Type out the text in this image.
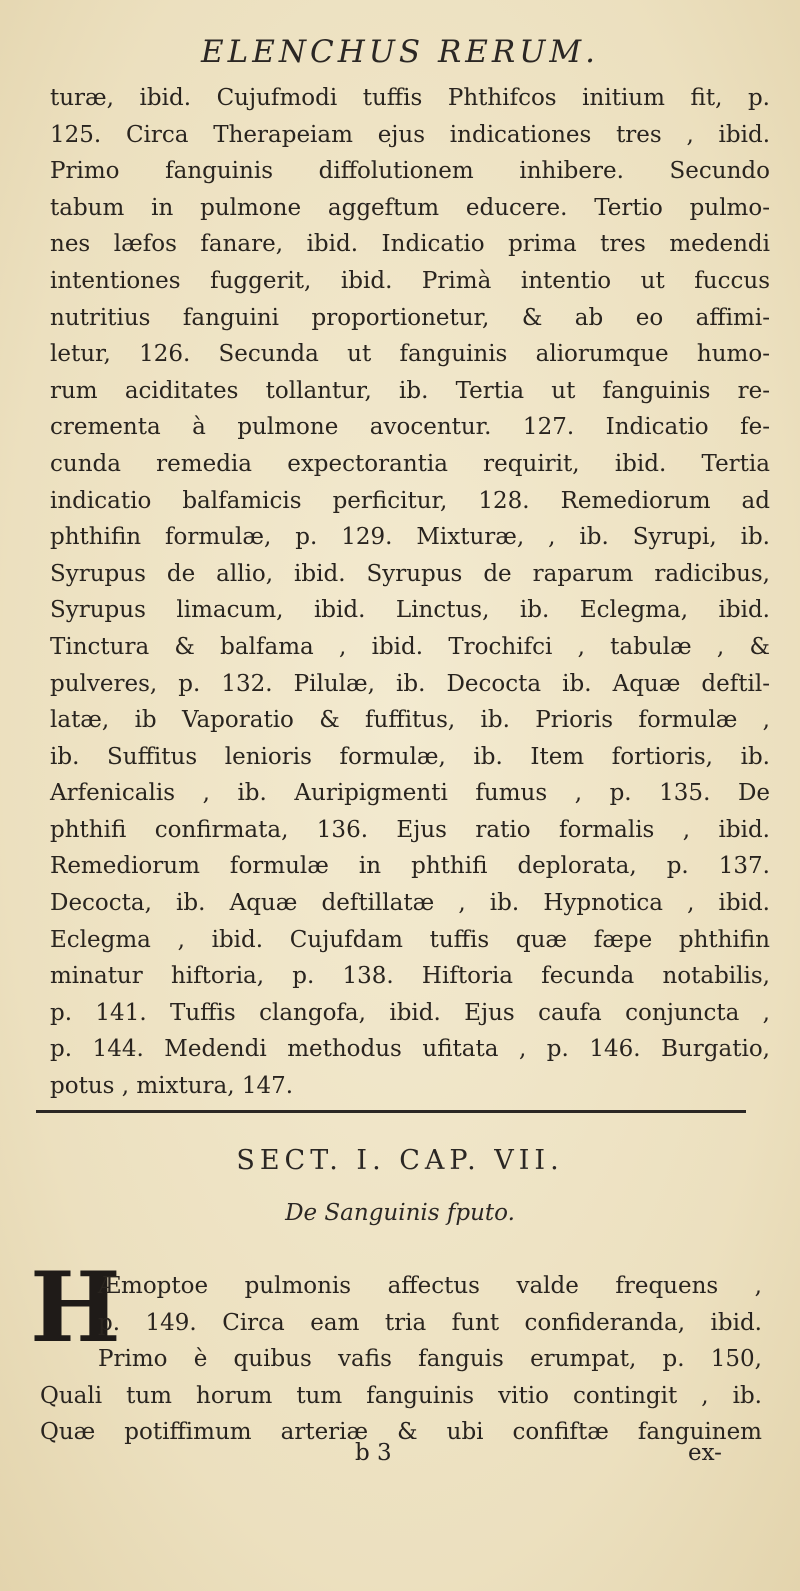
ELENCHUS RERUM.
turæ, ibid. Cujufmodi tuffis Phthifcos initium fit, p.
125. Circa Therapeiam ejus indicationes tres , ibid.
Primo fanguinis diffolutionem inhibere. Secundo
tabum in pulmone aggeftum educere. Tertio pulmo-
nes læfos fanare, ibid. Indicatio prima tres medendi
intentiones fuggerit, ibid. Primà intentio ut fuccus
nutritius fanguini proportionetur, & ab eo affimi-
letur, 126. Secunda ut fanguinis aliorumque humo-
rum aciditates tollantur, ib. Tertia ut fanguinis re-
crementa à pulmone avocentur. 127. Indicatio fe-
cunda remedia expectorantia requirit, ibid. Tertia
indicatio balfamicis perficitur, 128. Remediorum ad
phthifin formulæ, p. 129. Mixturæ, , ib. Syrupi, ib.
Syrupus de allio, ibid. Syrupus de raparum radicibus,
Syrupus limacum, ibid. Linctus, ib. Eclegma, ibid.
Tinctura & balfama , ibid. Trochifci , tabulæ , &
pulveres, p. 132. Pilulæ, ib. Decocta ib. Aquæ deftil-
latæ, ib Vaporatio & fuffitus, ib. Prioris formulæ ,
ib. Suffitus lenioris formulæ, ib. Item fortioris, ib.
Arfenicalis , ib. Auripigmenti fumus , p. 135. De
phthifi confirmata, 136. Ejus ratio formalis , ibid.
Remediorum formulæ in phthifi deplorata, p. 137.
Decocta, ib. Aquæ deftillatæ , ib. Hypnotica , ibid.
Eclegma , ibid. Cujufdam tuffis quæ fæpe phthifin
minatur hiftoria, p. 138. Hiftoria fecunda notabilis,
p. 141. Tuffis clangofa, ibid. Ejus caufa conjuncta ,
p. 144. Medendi methodus ufitata , p. 146. Burgatio,
potus , mixtura, 147.
SECT. I. CAP. VII.
De Sanguinis fputo.
H
Æmoptoe pulmonis affectus valde frequens ,
p. 149. Circa eam tria funt confideranda, ibid.
Primo è quibus vafis fanguis erumpat, p. 150,
Quali tum horum tum fanguinis vitio contingit , ib.
Quæ potiffimum arteriæ & ubi confiftæ fanguinem
b 3	ex-
